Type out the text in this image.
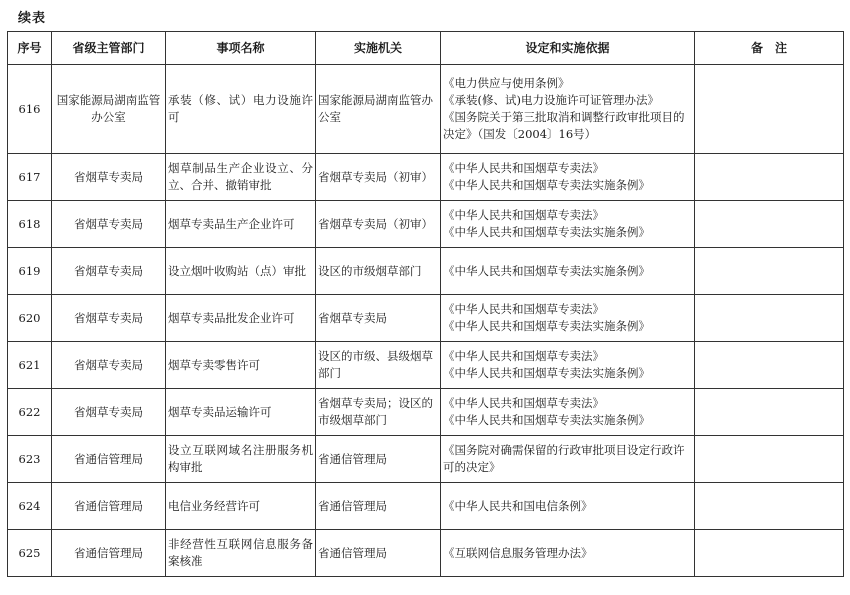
续表
序号	省级主管部门	事项名称	实施机关	设定和实施依据	备　注
616	国家能源局湖南监管办公室	承装（修、试）电力设施许可	国家能源局湖南监管办公室	《电力供应与使用条例》
《承装(修、试)电力设施许可证管理办法》
《国务院关于第三批取消和调整行政审批项目的决定》（国发〔2004〕16号）	

617	省烟草专卖局	烟草制品生产企业设立、分立、合并、撤销审批	省烟草专卖局（初审）	《中华人民共和国烟草专卖法》
《中华人民共和国烟草专卖法实施条例》	

618	省烟草专卖局	烟草专卖品生产企业许可	省烟草专卖局（初审）	《中华人民共和国烟草专卖法》
《中华人民共和国烟草专卖法实施条例》	

619	省烟草专卖局	设立烟叶收购站（点）审批	设区的市级烟草部门	《中华人民共和国烟草专卖法实施条例》	

620	省烟草专卖局	烟草专卖品批发企业许可	省烟草专卖局	《中华人民共和国烟草专卖法》
《中华人民共和国烟草专卖法实施条例》	

621	省烟草专卖局	烟草专卖零售许可	设区的市级、县级烟草部门	《中华人民共和国烟草专卖法》
《中华人民共和国烟草专卖法实施条例》	

622	省烟草专卖局	烟草专卖品运输许可	省烟草专卖局；设区的市级烟草部门	《中华人民共和国烟草专卖法》
《中华人民共和国烟草专卖法实施条例》	

623	省通信管理局	设立互联网域名注册服务机构审批	省通信管理局	《国务院对确需保留的行政审批项目设定行政许可的决定》	

624	省通信管理局	电信业务经营许可	省通信管理局	《中华人民共和国电信条例》	

625	省通信管理局	非经营性互联网信息服务备案核准	省通信管理局	《互联网信息服务管理办法》	
